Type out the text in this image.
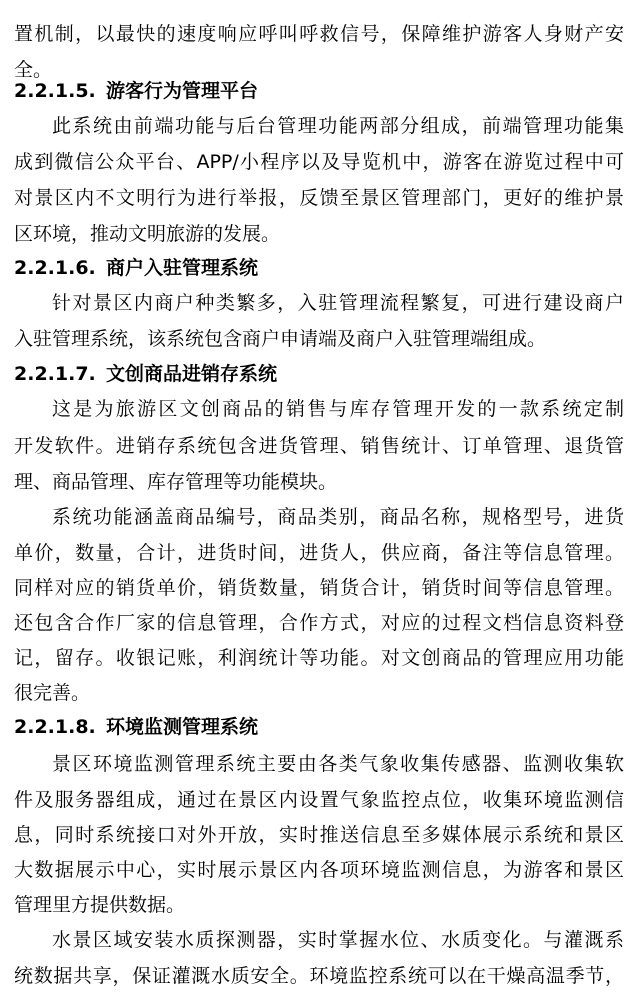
置机制，以最快的速度响应呼叫呼救信号，保障维护游客人身财产安
全。
2.2.1.5. 游客行为管理平台
此系统由前端功能与后台管理功能两部分组成，前端管理功能集
成到微信公众平台、APP/小程序以及导览机中，游客在游览过程中可
对景区内不文明行为进行举报，反馈至景区管理部门，更好的维护景
区环境，推动文明旅游的发展。
2.2.1.6. 商户入驻管理系统
针对景区内商户种类繁多，入驻管理流程繁复，可进行建设商户
入驻管理系统，该系统包含商户申请端及商户入驻管理端组成。
2.2.1.7. 文创商品进销存系统
这是为旅游区文创商品的销售与库存管理开发的一款系统定制
开发软件。进销存系统包含进货管理、销售统计、订单管理、退货管
理、商品管理、库存管理等功能模块。
系统功能涵盖商品编号，商品类别，商品名称，规格型号，进货
单价，数量，合计，进货时间，进货人，供应商，备注等信息管理。
同样对应的销货单价，销货数量，销货合计，销货时间等信息管理。
还包含合作厂家的信息管理，合作方式，对应的过程文档信息资料登
记，留存。收银记账，利润统计等功能。对文创商品的管理应用功能
很完善。
2.2.1.8. 环境监测管理系统
景区环境监测管理系统主要由各类气象收集传感器、监测收集软
件及服务器组成，通过在景区内设置气象监控点位，收集环境监测信
息，同时系统接口对外开放，实时推送信息至多媒体展示系统和景区
大数据展示中心，实时展示景区内各项环境监测信息，为游客和景区
管理里方提供数据。
水景区域安装水质探测器，实时掌握水位、水质变化。与灌溉系
统数据共享，保证灌溉水质安全。环境监控系统可以在干燥高温季节，
